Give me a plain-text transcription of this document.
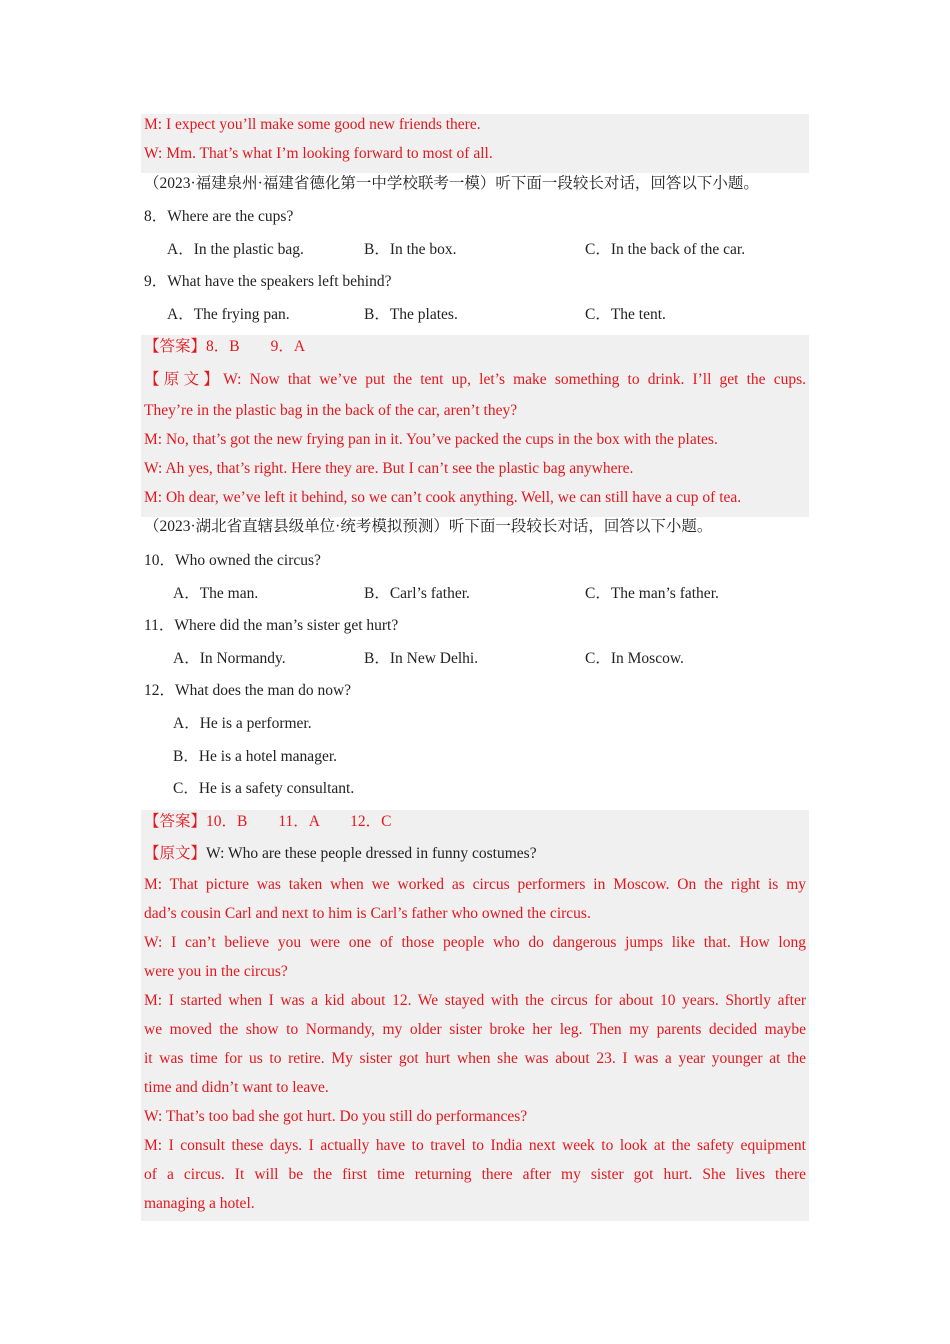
M: I expect you’ll make some good new friends there.
W: Mm. That’s what I’m looking forward to most of all.
（2023·福建泉州·福建省德化第一中学校联考一模）听下面一段较长对话，回答以下小题。
8．Where are the cups?
A．In the plastic bag.	B．In the box.	C．In the back of the car.
9．What have the speakers left behind?
A．The frying pan.	B．The plates.	C．The tent.
【答案】8．B　　9．A
【原文】W: Now that we’ve put the tent up, let’s make something to drink. I’ll get the cups.
They’re in the plastic bag in the back of the car, aren’t they?
M: No, that’s got the new frying pan in it. You’ve packed the cups in the box with the plates.
W: Ah yes, that’s right. Here they are. But I can’t see the plastic bag anywhere.
M: Oh dear, we’ve left it behind, so we can’t cook anything. Well, we can still have a cup of tea.
（2023·湖北省直辖县级单位·统考模拟预测）听下面一段较长对话，回答以下小题。
10．Who owned the circus?
A．The man.	B．Carl’s father.	C．The man’s father.
11．Where did the man’s sister get hurt?
A．In Normandy.	B．In New Delhi.	C．In Moscow.
12．What does the man do now?
A．He is a performer.
B．He is a hotel manager.
C．He is a safety consultant.
【答案】10．B　　11．A　　12．C
【原文】W: Who are these people dressed in funny costumes?
M: That picture was taken when we worked as circus performers in Moscow. On the right is my
dad’s cousin Carl and next to him is Carl’s father who owned the circus.
W: I can’t believe you were one of those people who do dangerous jumps like that. How long
were you in the circus?
M: I started when I was a kid about 12. We stayed with the circus for about 10 years. Shortly after
we moved the show to Normandy, my older sister broke her leg. Then my parents decided maybe
it was time for us to retire. My sister got hurt when she was about 23. I was a year younger at the
time and didn’t want to leave.
W: That’s too bad she got hurt. Do you still do performances?
M: I consult these days. I actually have to travel to India next week to look at the safety equipment
of a circus. It will be the first time returning there after my sister got hurt. She lives there
managing a hotel.
